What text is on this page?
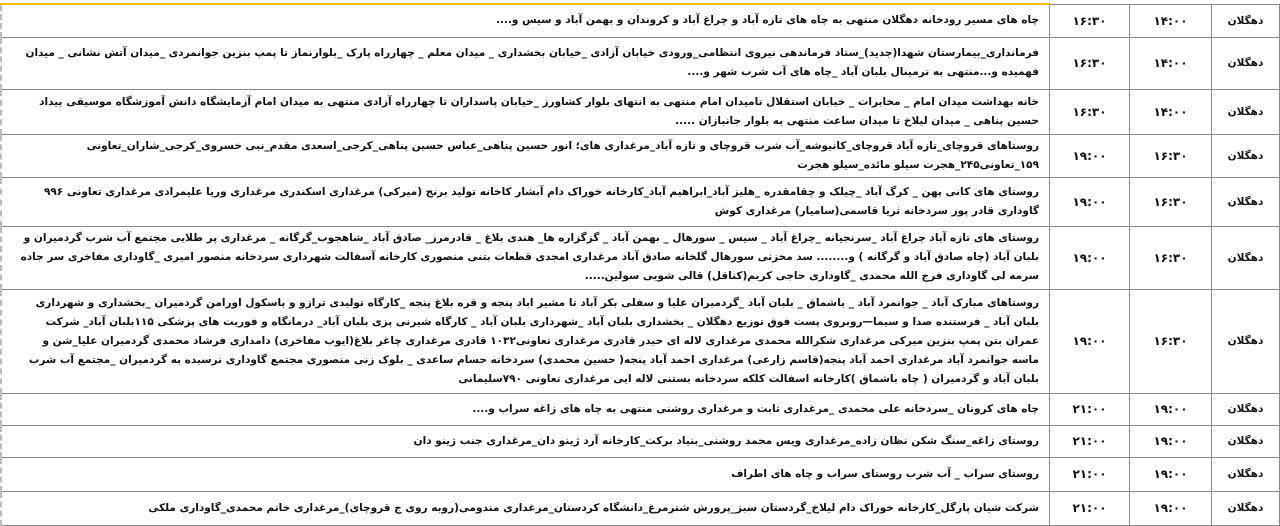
دهگلان	۱۴:۰۰	۱۶:۳۰	چاه های مسیر رودخانه دهگلان منتهی به چاه های تازه آباد و چراغ آباد و کروندان و بهمن آباد و سیس و....
دهگلان	۱۴:۰۰	۱۶:۳۰	فرمانداری_بیمارستان شهدا(جدید)_ستاد فرماندهی نیروی انتظامی_ورودی خیابان آزادی _خیابان بخشداری _ میدان معلم _ چهارراه پارک _بلوارنماز تا پمپ بنزین جوانمردی _میدان آتش نشانی _ میدان فهمیده و...منتهی به ترمینال بلبان آباد _چاه های آب شرب شهر و....
دهگلان	۱۴:۰۰	۱۶:۳۰	خانه بهداشت میدان امام _ مخابرات _ خیابان استقلال تامیدان امام منتهی به انتهای بلوار کشاورز _خیابان پاسداران تا چهارراه آزادی منتهی به میدان امام آزمایشگاه دانش آموزشگاه موسیقی بیداد حسین پناهی _ میدان لیلاخ تا میدان ساعت منتهی به بلوار جانبازان .....
دهگلان	۱۶:۳۰	۱۹:۰۰	روستاهای قروچای_تازه آباد قروچای_کانیوشه_آب شرب قروچای و تازه آباد_مرغداری های؛ انور حسین پناهی_عباس حسین پناهی_کرجی_اسعدی مقدم_نبی خسروی_کرجی_شاران_تعاونی ۱۵۹_تعاونی۲۴۵_هجرت سیلو مائده_سیلو هجرت
دهگلان	۱۶:۳۰	۱۹:۰۰	روستای های کانی پهن _ کرگ آباد _چیلک و چقامقدره _هلیز آباد_ابراهیم آباد_کارخانه خوراک دام آبشار کاخانه تولید برنج (میرکی) مرغداری اسکندری مرغداری وریا علیمرادی مرغداری تعاونی ۹۹۶ گاوداری قادر پور سردخانه ثریا قاسمی(سامیار) مرغداری کوش
دهگلان	۱۶:۳۰	۱۹:۰۰	روستای های تازه آباد چراغ آباد _سرنجیانه _چراغ آباد _ سیس _ سورهال _ بهمن آباد _ گزگزاره ها_ هندی بلاغ _ قادرمرز_ صادق آباد _شاهجوب_گرگانه _ مرغداری پر طلایی مجتمع آب شرب گردمیران و بلبان آباد (چاه صادق آباد و گرگانه ) و........ سد مخزنی سورهال گلخانه صادق آباد مرغداری امجدی قطعات بتنی منصوری کارخانه آسفالت شهرداری سردخانه منصور امیری _گاوداری مفاخری سر جاده سرمه لی گاوداری فرج الله محمدی _گاوداری حاجی کریم(کناقل) قالی شویی سولین.....
دهگلان	۱۶:۳۰	۱۹:۰۰	روستاهای مبارک آباد _ جوانمرد آباد _ باشماق _ بلبان آباد _گردمیران علیا و سفلی بکر آباد تا مشیر اباد پنجه و قره بلاغ پنجه _کارگاه تولیدی ترازو و باسکول اورامن گردمیران _بخشداری و شهرداری بلبان آباد _ فرستنده صدا و سیما—روبروی پست فوق توزیع دهگلان _ بخشداری بلبان آباد _شهرداری بلبان آباد _ کارگاه شیرنی پزی بلبان آباد_ درمانگاه و فوریت های پزشکی ۱۱۵بلبان آباد_ شرکت عمران بتن پمپ بنزین میرکی مرغداری شکرالله محمدی مرغداری لاله ای حیدر قادری مرغداری تعاونی۱۰۳۲ قادری مرغداری چاغر بلاغ(ایوب مفاخری) دامداری فرشاد محمدی گردمیران علیا_شن و ماسه جوانمرد آباد مرغداری احمد آباد پنجه(قاسم زارعی) مرغداری احمد آباد پنجه( حسین محمدی) سردخانه حسام ساعدی _ بلوک زنی منصوری مجتمع گاوداری نرسیده به گردمیران _مجتمع آب شرب بلبان آباد و گردمیران ( چاه باشماق )کارخانه اسفالت کلکه سردخانه بستنی لاله ایی مرغداری تعاونی ۷۹۰سلیمانی
دهگلان	۱۹:۰۰	۲۱:۰۰	چاه های کرونان _سردخانه علی محمدی _مرغداری ثابت و مرغداری روشنی منتهی به چاه های زاغه سراب و....
دهگلان	۱۹:۰۰	۲۱:۰۰	روستای زاغه_سنگ شکن نظان زاده_مرغداری ویس محمد روشنی_بنیاد برکت_کارخانه آرد ژینو دان_مرغداری جنب ژینو دان
دهگلان	۱۹:۰۰	۲۱:۰۰	روستای سراب _ آب شرب روستای سراب و چاه های اطراف
دهگلان	۱۹:۰۰	۲۱:۰۰	شرکت شیان پارگل_کارخانه خوراک دام لیلاخ_گردستان سبز_پرورش شترمرغ_دانشگاه کردستان_مرغداری مندومی(روبه روی ج قروچای)_مرغداری خانم محمدی_گاوداری ملکی
